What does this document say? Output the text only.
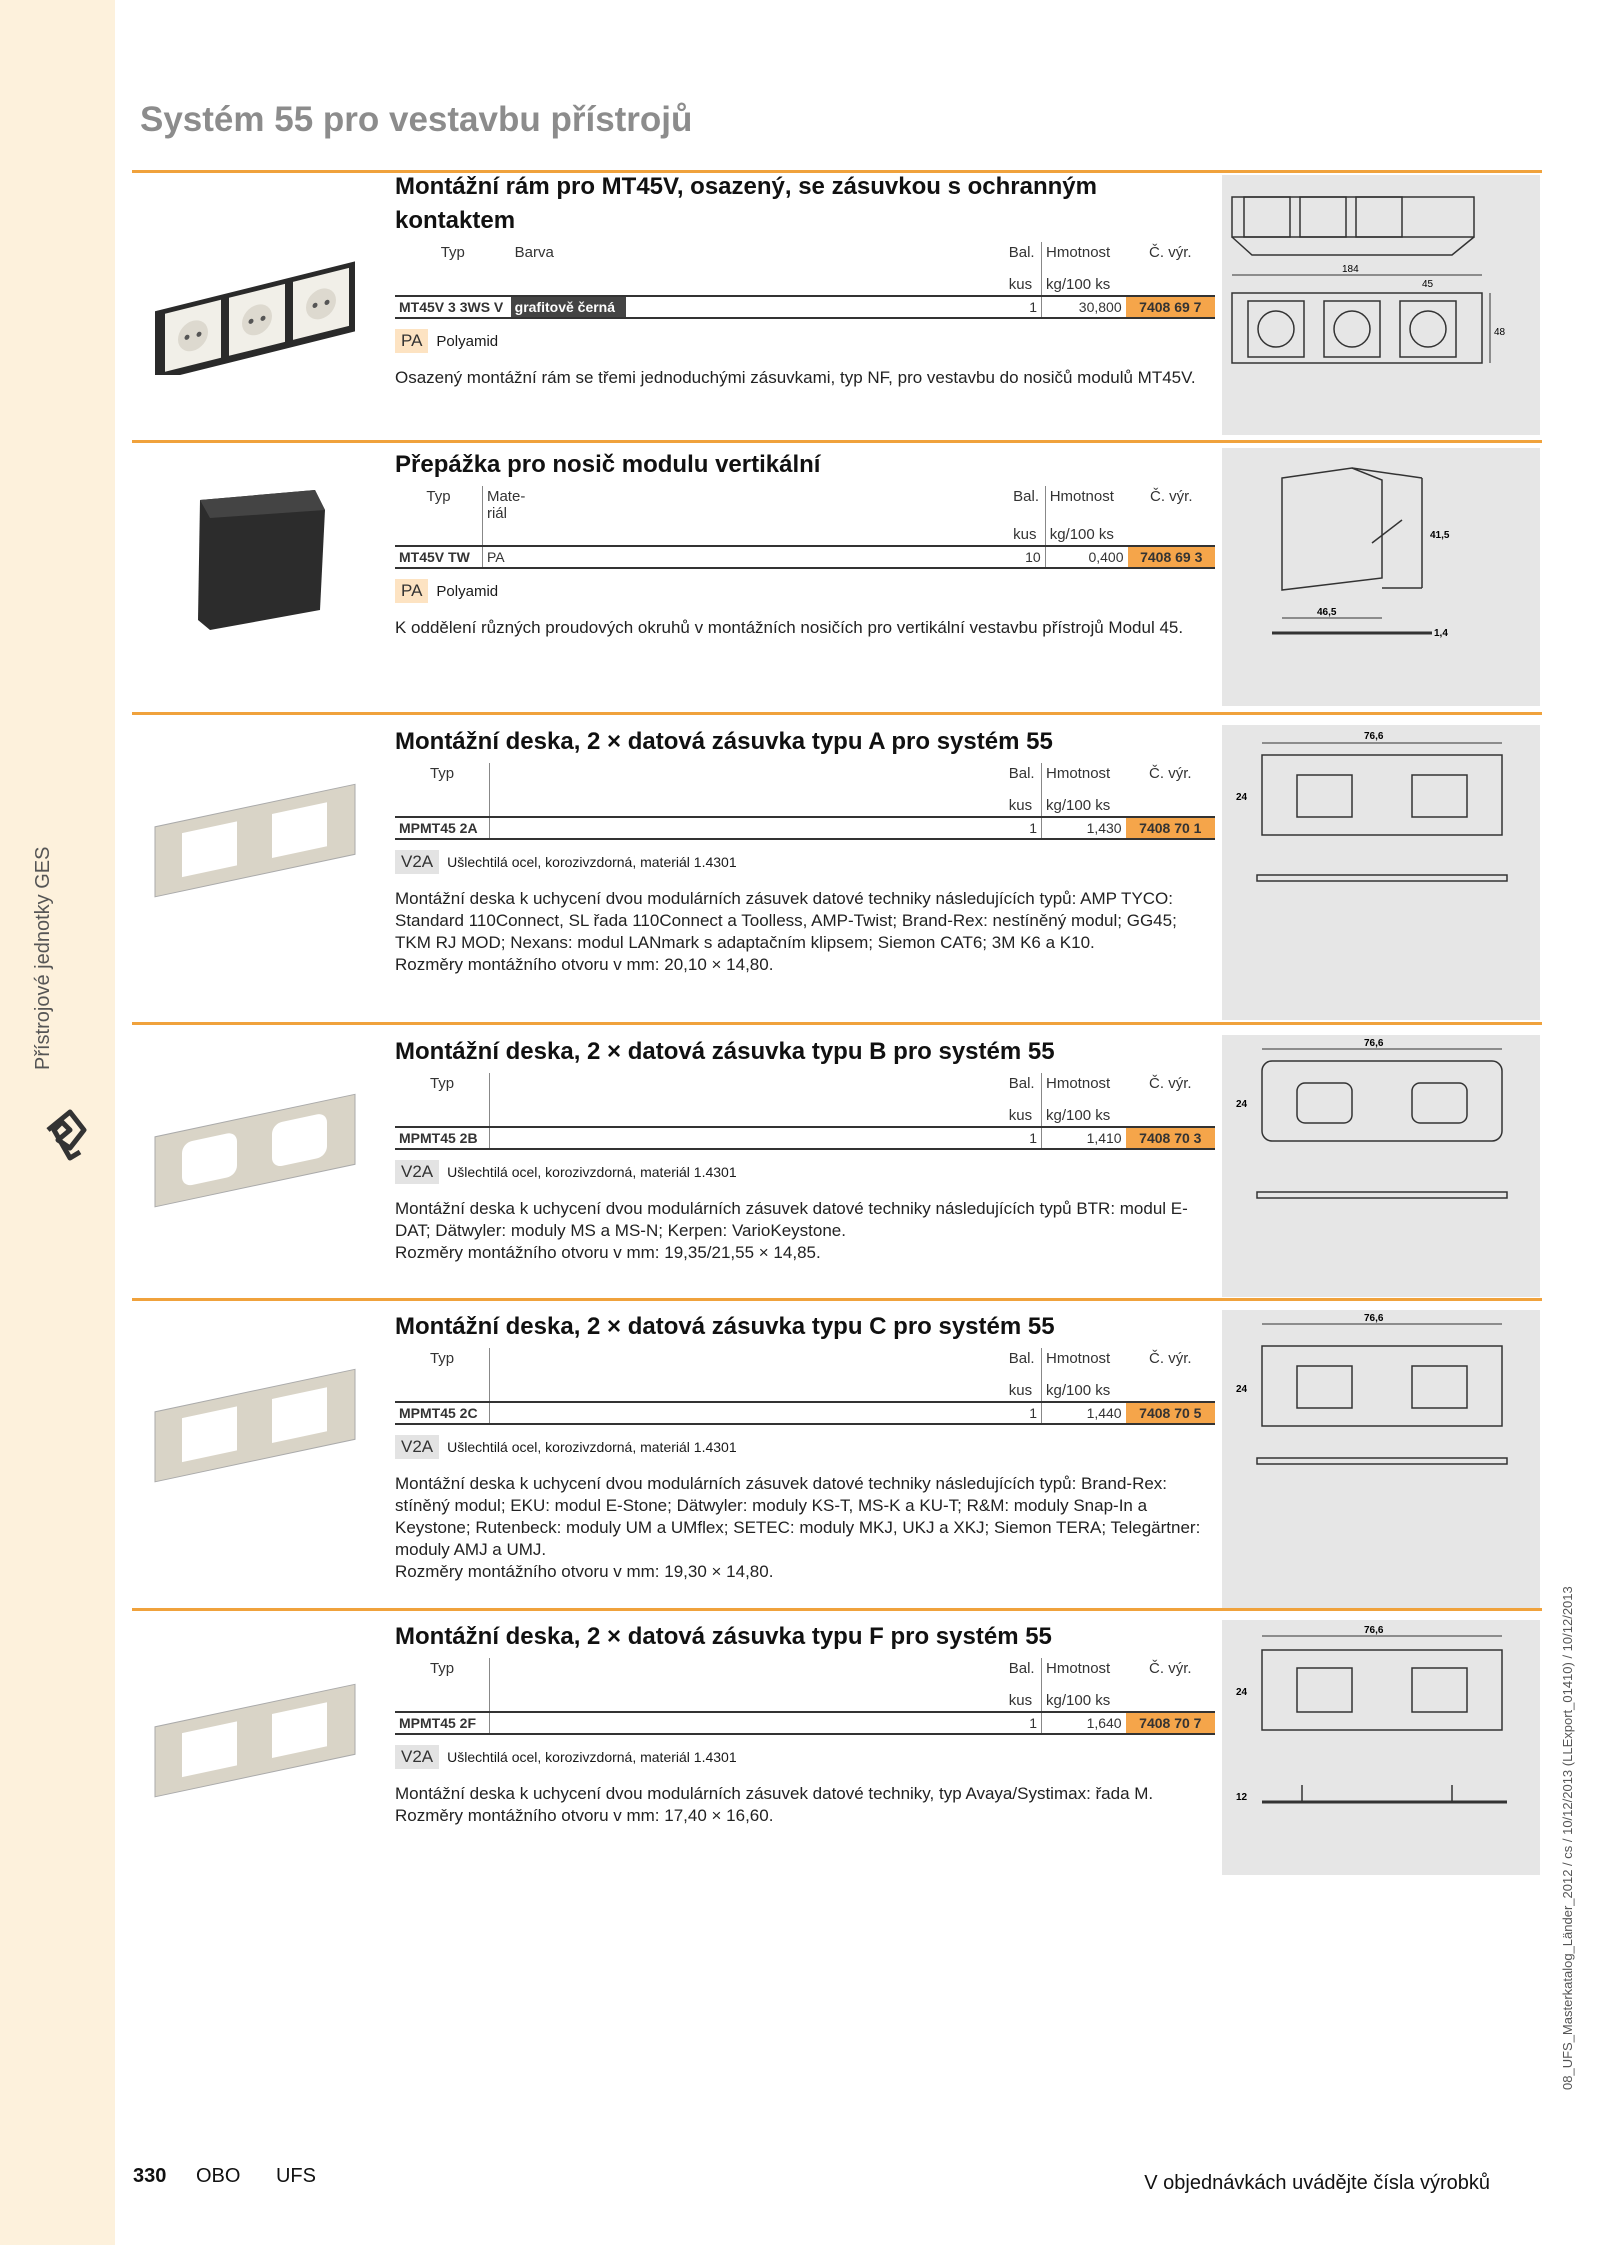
Přístrojové jednotky GES
Systém 55 pro vestavbu přístrojů
Montážní rám pro MT45V, osazený, se zásuvkou s ochranným kontaktem
Typ	Barva		Bal.	Hmotnost	Č. výr.
			kus	kg/100 ks	
MT45V 3 3WS V	grafitově černá		1	30,800	7408 69 7
PA Polyamid
Osazený montážní rám se třemi jednoduchými zásuvkami, typ NF, pro vestavbu do nosičů modulů MT45V.
184
45
48
Přepážka pro nosič modulu vertikální
Typ	Mate-riál		Bal.	Hmotnost	Č. výr.
			kus	kg/100 ks	
MT45V TW	PA		10	0,400	7408 69 3
PA Polyamid
K oddělení různých proudových okruhů v montážních nosičích pro vertikální vestavbu přístrojů Modul 45.
46,5
41,5
1,4
Montážní deska, 2 × datová zásuvka typu A pro systém 55
Typ		Bal.	Hmotnost	Č. výr.
		kus	kg/100 ks	
MPMT45 2A		1	1,430	7408 70 1
V2A	Ušlechtilá ocel, korozivzdorná, materiál 1.4301
Montážní deska k uchycení dvou modulárních zásuvek datové techniky následujících typů: AMP TYCO: Standard 110Connect, SL řada 110Connect a Toolless, AMP-Twist; Brand-Rex: nestíněný modul; GG45; TKM RJ MOD; Nexans: modul LANmark s adaptačním klipsem; Siemon CAT6; 3M K6 a K10.
Rozměry montážního otvoru v mm: 20,10 × 14,80.
76,6
24
Montážní deska, 2 × datová zásuvka typu B pro systém 55
Typ		Bal.	Hmotnost	Č. výr.
		kus	kg/100 ks	
MPMT45 2B		1	1,410	7408 70 3
V2A	Ušlechtilá ocel, korozivzdorná, materiál 1.4301
Montážní deska k uchycení dvou modulárních zásuvek datové techniky následujících typů BTR: modul E-DAT; Dätwyler: moduly MS a MS-N; Kerpen: VarioKeystone.
Rozměry montážního otvoru v mm: 19,35/21,55 × 14,85.
76,6
24
Montážní deska, 2 × datová zásuvka typu C pro systém 55
Typ		Bal.	Hmotnost	Č. výr.
		kus	kg/100 ks	
MPMT45 2C		1	1,440	7408 70 5
V2A	Ušlechtilá ocel, korozivzdorná, materiál 1.4301
Montážní deska k uchycení dvou modulárních zásuvek datové techniky následujících typů: Brand-Rex: stíněný modul; EKU: modul E-Stone; Dätwyler: moduly KS-T, MS-K a KU-T; R&M: moduly Snap-In a Keystone; Rutenbeck: moduly UM a UMflex; SETEC: moduly MKJ, UKJ a XKJ; Siemon TERA; Telegärtner: moduly AMJ a UMJ.
Rozměry montážního otvoru v mm: 19,30 × 14,80.
76,6
24
Montážní deska, 2 × datová zásuvka typu F pro systém 55
Typ		Bal.	Hmotnost	Č. výr.
		kus	kg/100 ks	
MPMT45 2F		1	1,640	7408 70 7
V2A	Ušlechtilá ocel, korozivzdorná, materiál 1.4301
Montážní deska k uchycení dvou modulárních zásuvek datové techniky, typ Avaya/Systimax: řada M.
Rozměry montážního otvoru v mm: 17,40 × 16,60.
76,6
24
12
330 OBO UFS	V objednávkách uvádějte čísla výrobků
08_UFS_Masterkatalog_Länder_2012 / cs / 10/12/2013 (LLExport_01410) / 10/12/2013
